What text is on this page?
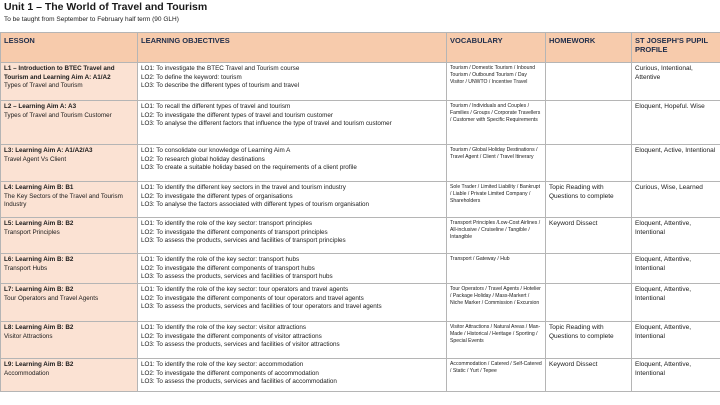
Unit 1 – The World of Travel and Tourism
To be taught from September to February half term (90 GLH)
LESSON	LEARNING OBJECTIVES	VOCABULARY	HOMEWORK	ST JOSEPH'S PUPIL PROFILE

L1 – Introduction to BTEC Travel and Tourism and Learning Aim A: A1/A2
Types of Travel and Tourism	LO1: To investigate the BTEC Travel and Tourism course
LO2: To define the keyword: tourism
LO3: To describe the different types of tourism and travel	Tourism / Domestic Tourism / Inbound Tourism / Outbound Tourism / Day Visitor / UNWTO / Incentive Travel		Curious, Intentional, Attentive

L2 – Learning Aim A: A3
Types of Travel and Tourism Customer	LO1: To recall the different types of travel and tourism
LO2: To investigate the different types of travel and tourism customer
LO3: To analyse the different factors that influence the type of travel and tourism customer	Tourism / Individuals and Couples / Families / Groups / Corporate Travellers / Customer with Specific Requirements		Eloquent, Hopeful. Wise

L3: Learning Aim A: A1/A2/A3
Travel Agent Vs Client	LO1: To consolidate our knowledge of Learning Aim A
LO2: To research global holiday destinations
LO3: To create a suitable holiday based on the requirements of a client profile	Tourism / Global Holiday Destinations / Travel Agent / Client / Travel Itinerary		Eloquent, Active, Intentional

L4: Learning Aim B: B1
The Key Sectors of the Travel and Tourism Industry	LO1: To identify the different key sectors in the travel and tourism industry
LO2: To investigate the different types of organisations
LO3: To analyse the factors associated with different types of tourism organisation	Sole Trader / Limited Liability / Bankrupt / Liable / Private Limited Company / Shareholders	Topic Reading with Questions to complete	Curious, Wise, Learned

L5: Learning Aim B: B2
Transport Principles	LO1: To identify the role of the key sector: transport principles
LO2: To investigate the different components of transport principles
LO3: To assess the products, services and facilities of transport principles	Transport Principles /Low-Cost Airlines / All-inclusive / Cruiseline / Tangible / Intangible	Keyword Dissect	Eloquent, Attentive, Intentional

L6: Learning Aim B: B2
Transport Hubs	LO1: To identify the role of the key sector: transport hubs
LO2: To investigate the different components of transport hubs
LO3: To assess the products, services and facilities of transport hubs	Transport / Gateway / Hub		Eloquent, Attentive, Intentional

L7: Learning Aim B: B2
Tour Operators and Travel Agents	LO1: To identify the role of the key sector: tour operators and travel agents
LO2: To investigate the different components of tour operators and travel agents
LO3: To assess the products, services and facilities of tour operators and travel agents	Tour Operators / Travel Agents / Hotelier / Package Holiday / Mass-Markert / Niche Marker / Commission / Excursion		Eloquent, Attentive, Intentional

L8: Learning Aim B: B2
Visitor Attractions	LO1: To identify the role of the key sector: visitor attractions
LO2: To investigate the different components of visitor attractions
LO3: To assess the products, services and facilities of visitor attractions	Visitor Attractions / Natural Areas / Man-Made / Historical / Heritage / Sporting / Special Events	Topic Reading with Questions to complete	Eloquent, Attentive, Intentional

L9: Learning Aim B: B2
Accommodation	LO1: To identify the role of the key sector: accommodation
LO2: To investigate the different components of accommodation
LO3: To assess the products, services and facilities of accommodation	Accommodation / Catered / Self-Catered / Static / Yurt / Tepee	Keyword Dissect	Eloquent, Attentive, Intentional
